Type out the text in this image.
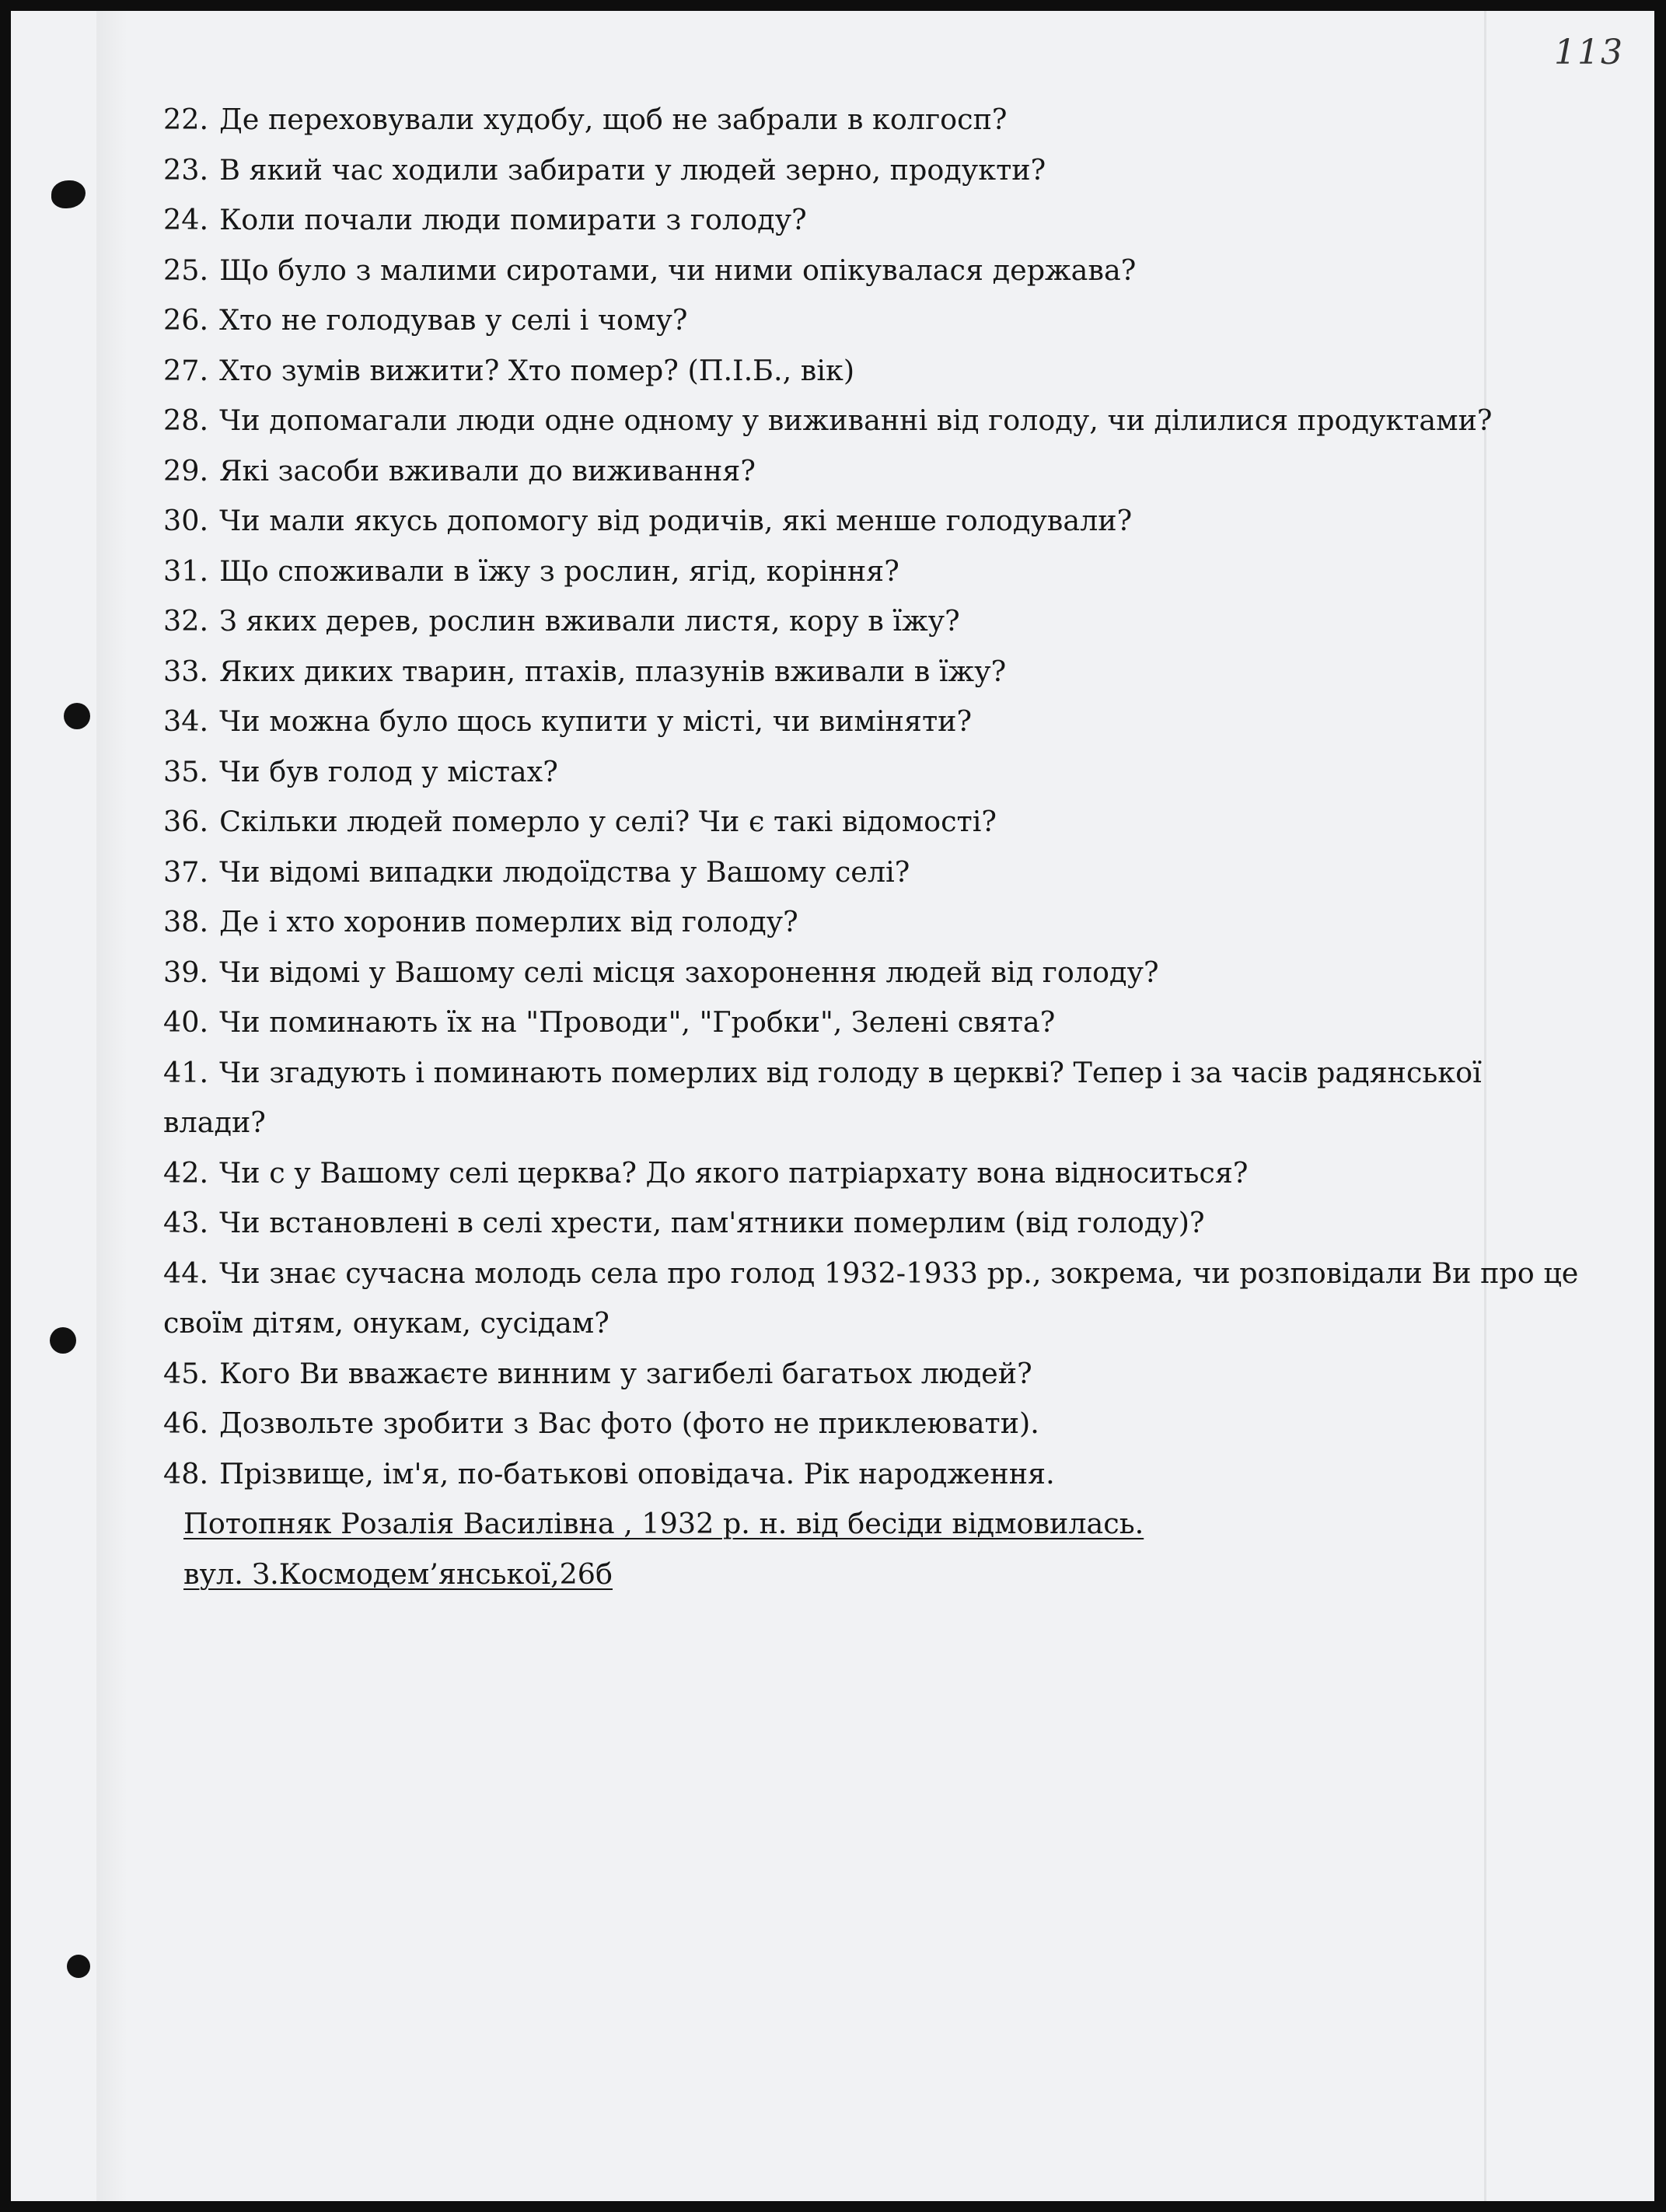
113

22. Де переховували худобу, щоб не забрали в колгосп?

23. В який час ходили забирати у людей зерно, продукти?

24. Коли почали люди помирати з голоду?

25. Що було з малими сиротами, чи ними опікувалася держава?

26. Хто не голодував у селі і чому?

27. Хто зумів вижити? Хто помер? (П.І.Б., вік)

28. Чи допомагали люди одне одному у виживанні від голоду, чи ділилися продуктами?

29. Які засоби вживали до виживання?

30. Чи мали якусь допомогу від родичів, які менше голодували?

31. Що споживали в їжу з рослин, ягід, коріння?

32. З яких дерев, рослин вживали листя, кору в їжу?

33. Яких диких тварин, птахів, плазунів вживали в їжу?

34. Чи можна було щось купити у місті, чи виміняти?

35. Чи був голод у містах?

36. Скільки людей померло у селі? Чи є такі відомості?

37. Чи відомі випадки людоїдства у Вашому селі?

38. Де і хто хоронив померлих від голоду?

39. Чи відомі у Вашому селі місця захоронення людей від голоду?

40. Чи поминають їх на "Проводи", "Гробки", Зелені свята?

41. Чи згадують і поминають померлих від голоду в церкві? Тепер і за часів радянської влади?

42. Чи с у Вашому селі церква? До якого патріархату вона відноситься?

43. Чи встановлені в селі хрести, пам'ятники померлим (від голоду)?

44. Чи знає сучасна молодь села про голод 1932-1933 рр., зокрема, чи розповідали Ви про це своїм дітям, онукам, сусідам?

45. Кого Ви вважаєте винним у загибелі багатьох людей?

46. Дозвольте зробити з Вас фото (фото не приклеювати).

48. Прізвище, ім'я, по-батькові оповідача. Рік народження.

Потопняк Розалія Василівна , 1932 р. н. від бесіди відмовилась.

вул. З.Космодем’янської,26б
